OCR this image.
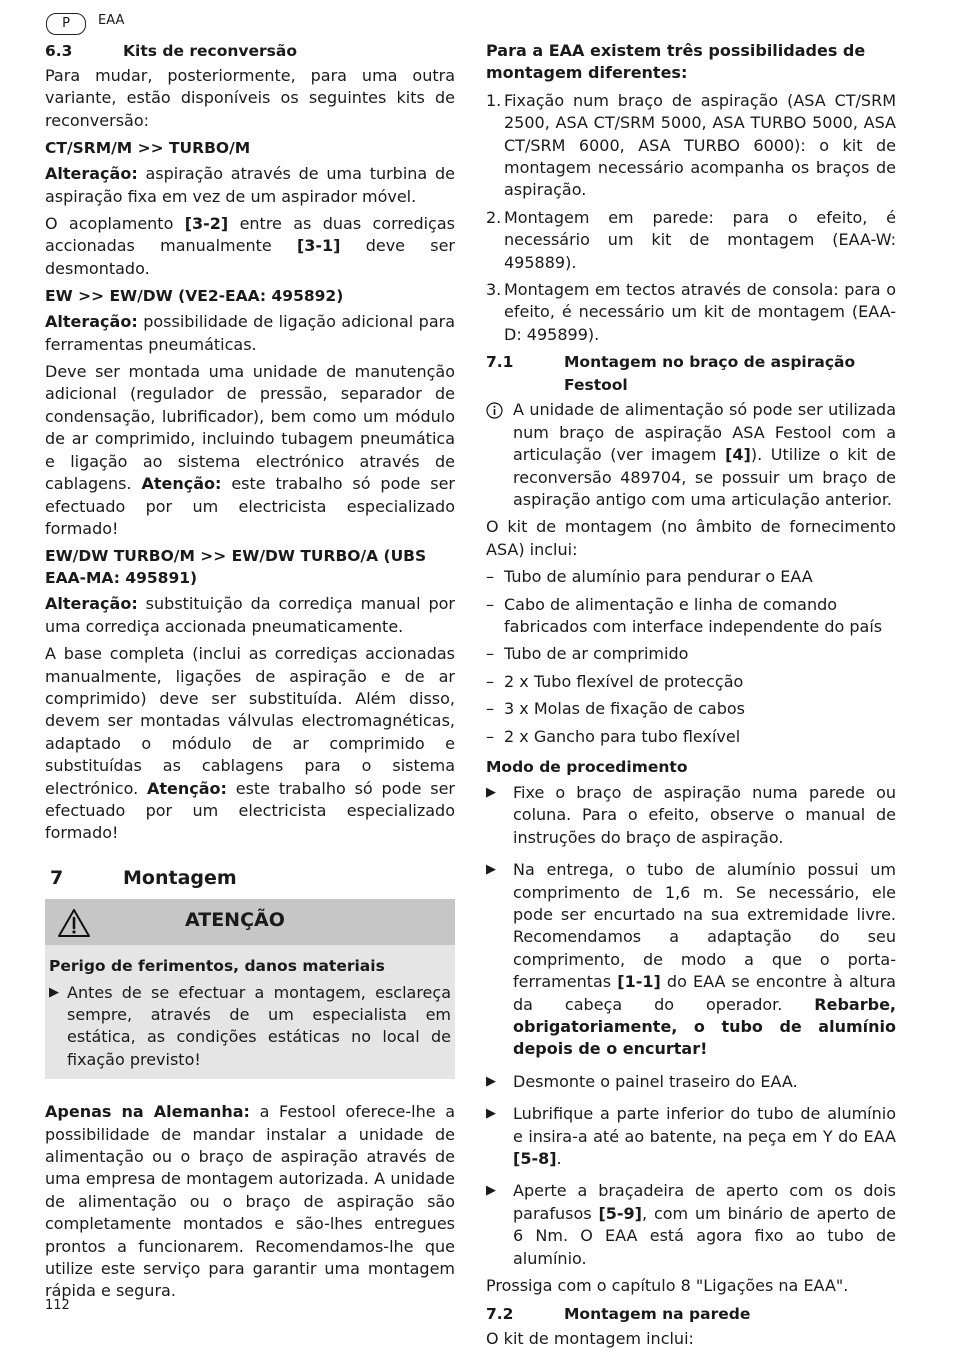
P	EAA
6.3	Kits de reconversão

Para mudar, posteriormente, para uma outra variante, estão disponíveis os seguintes kits de reconversão:

CT/SRM/M >> TURBO/M

Alteração: aspiração através de uma turbina de aspiração fixa em vez de um aspirador móvel.

O acoplamento [3-2] entre as duas corrediças accionadas manualmente [3-1] deve ser desmontado.

EW >> EW/DW (VE2-EAA: 495892)

Alteração: possibilidade de ligação adicional para ferramentas pneumáticas.

Deve ser montada uma unidade de manutenção adicional (regulador de pressão, separador de condensação, lubrificador), bem como um módulo de ar comprimido, incluindo tubagem pneumática e ligação ao sistema electrónico através de cablagens. Atenção: este trabalho só pode ser efectuado por um electricista especializado formado!

EW/DW TURBO/M >> EW/DW TURBO/A (UBS EAA-MA: 495891)

Alteração: substituição da corrediça manual por uma corrediça accionada pneumaticamente.

A base completa (inclui as corrediças accionadas manualmente, ligações de aspiração e de ar comprimido) deve ser substituída. Além disso, devem ser montadas válvulas electromagnéticas, adaptado o módulo de ar comprimido e substituídas as cablagens para o sistema electrónico. Atenção: este trabalho só pode ser efectuado por um electricista especializado formado!

7	Montagem
ATENÇÃO
Perigo de ferimentos, danos materiais
▶ Antes de se efectuar a montagem, esclareça sempre, através de um especialista em estática, as condições estáticas no local de fixação previsto!

Apenas na Alemanha: a Festool oferece-lhe a possibilidade de mandar instalar a unidade de alimentação ou o braço de aspiração através de uma empresa de montagem autorizada. A unidade de alimentação ou o braço de aspiração são completamente montados e são-lhes entregues prontos a funcionarem. Recomendamos-lhe que utilize este serviço para garantir uma montagem rápida e segura.

Para a EAA existem três possibilidades de montagem diferentes:

1. Fixação num braço de aspiração (ASA CT/SRM 2500, ASA CT/SRM 5000, ASA TURBO 5000, ASA CT/SRM 6000, ASA TURBO 6000): o kit de montagem necessário acompanha os braços de aspiração.
2. Montagem em parede: para o efeito, é necessário um kit de montagem (EAA-W: 495889).
3. Montagem em tectos através de consola: para o efeito, é necessário um kit de montagem (EAA-D: 495899).
7.1	Montagem no braço de aspiração Festool
A unidade de alimentação só pode ser utilizada num braço de aspiração ASA Festool com a articulação (ver imagem [4]). Utilize o kit de reconversão 489704, se possuir um braço de aspiração antigo com uma articulação anterior.

O kit de montagem (no âmbito de fornecimento ASA) inclui:

– Tubo de alumínio para pendurar o EAA
– Cabo de alimentação e linha de comando fabricados com interface independente do país
– Tubo de ar comprimido
– 2 x Tubo flexível de protecção
– 3 x Molas de fixação de cabos
– 2 x Gancho para tubo flexível
Modo de procedimento
▶	Fixe o braço de aspiração numa parede ou coluna. Para o efeito, observe o manual de instruções do braço de aspiração.
▶	Na entrega, o tubo de alumínio possui um comprimento de 1,6 m. Se necessário, ele pode ser encurtado na sua extremidade livre. Recomendamos a adaptação do seu comprimento, de modo a que o porta-ferramentas [1-1] do EAA se encontre à altura da cabeça do operador. Rebarbe, obrigatoriamente, o tubo de alumínio depois de o encurtar!
▶	Desmonte o painel traseiro do EAA.
▶	Lubrifique a parte inferior do tubo de alumínio e insira-a até ao batente, na peça em Y do EAA [5-8].
▶	Aperte a braçadeira de aperto com os dois parafusos [5-9], com um binário de aperto de 6 Nm. O EAA está agora fixo ao tubo de alumínio.

Prossiga com o capítulo 8 "Ligações na EAA".

7.2	Montagem na parede

O kit de montagem inclui:

112
